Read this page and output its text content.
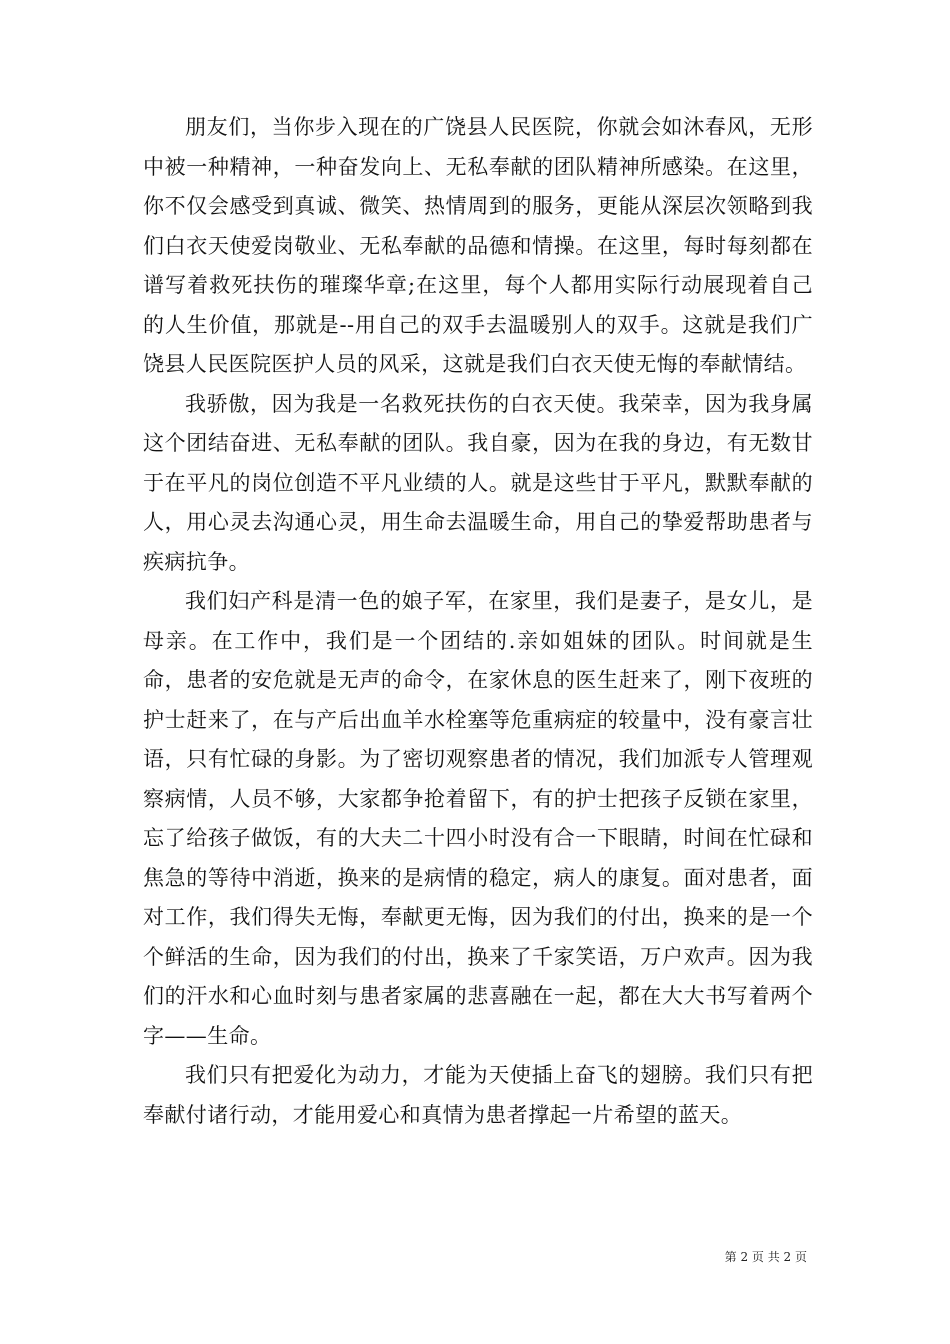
朋友们，当你步入现在的广饶县人民医院，你就会如沐春风，无形中被一种精神，一种奋发向上、无私奉献的团队精神所感染。在这里，你不仅会感受到真诚、微笑、热情周到的服务，更能从深层次领略到我们白衣天使爱岗敬业、无私奉献的品德和情操。在这里，每时每刻都在谱写着救死扶伤的璀璨华章;在这里，每个人都用实际行动展现着自己的人生价值，那就是--用自己的双手去温暖别人的双手。这就是我们广饶县人民医院医护人员的风采，这就是我们白衣天使无悔的奉献情结。

我骄傲，因为我是一名救死扶伤的白衣天使。我荣幸，因为我身属这个团结奋进、无私奉献的团队。我自豪，因为在我的身边，有无数甘于在平凡的岗位创造不平凡业绩的人。就是这些甘于平凡，默默奉献的人，用心灵去沟通心灵，用生命去温暖生命，用自己的挚爱帮助患者与疾病抗争。

我们妇产科是清一色的娘子军，在家里，我们是妻子，是女儿，是母亲。在工作中，我们是一个团结的.亲如姐妹的团队。时间就是生命，患者的安危就是无声的命令，在家休息的医生赶来了，刚下夜班的护士赶来了，在与产后出血羊水栓塞等危重病症的较量中，没有豪言壮语，只有忙碌的身影。为了密切观察患者的情况，我们加派专人管理观察病情，人员不够，大家都争抢着留下，有的护士把孩子反锁在家里，忘了给孩子做饭，有的大夫二十四小时没有合一下眼睛，时间在忙碌和焦急的等待中消逝，换来的是病情的稳定，病人的康复。面对患者，面对工作，我们得失无悔，奉献更无悔，因为我们的付出，换来的是一个个鲜活的生命，因为我们的付出，换来了千家笑语，万户欢声。因为我们的汗水和心血时刻与患者家属的悲喜融在一起，都在大大书写着两个字——生命。

我们只有把爱化为动力，才能为天使插上奋飞的翅膀。我们只有把奉献付诸行动，才能用爱心和真情为患者撑起一片希望的蓝天。

第 2 页 共 2 页
